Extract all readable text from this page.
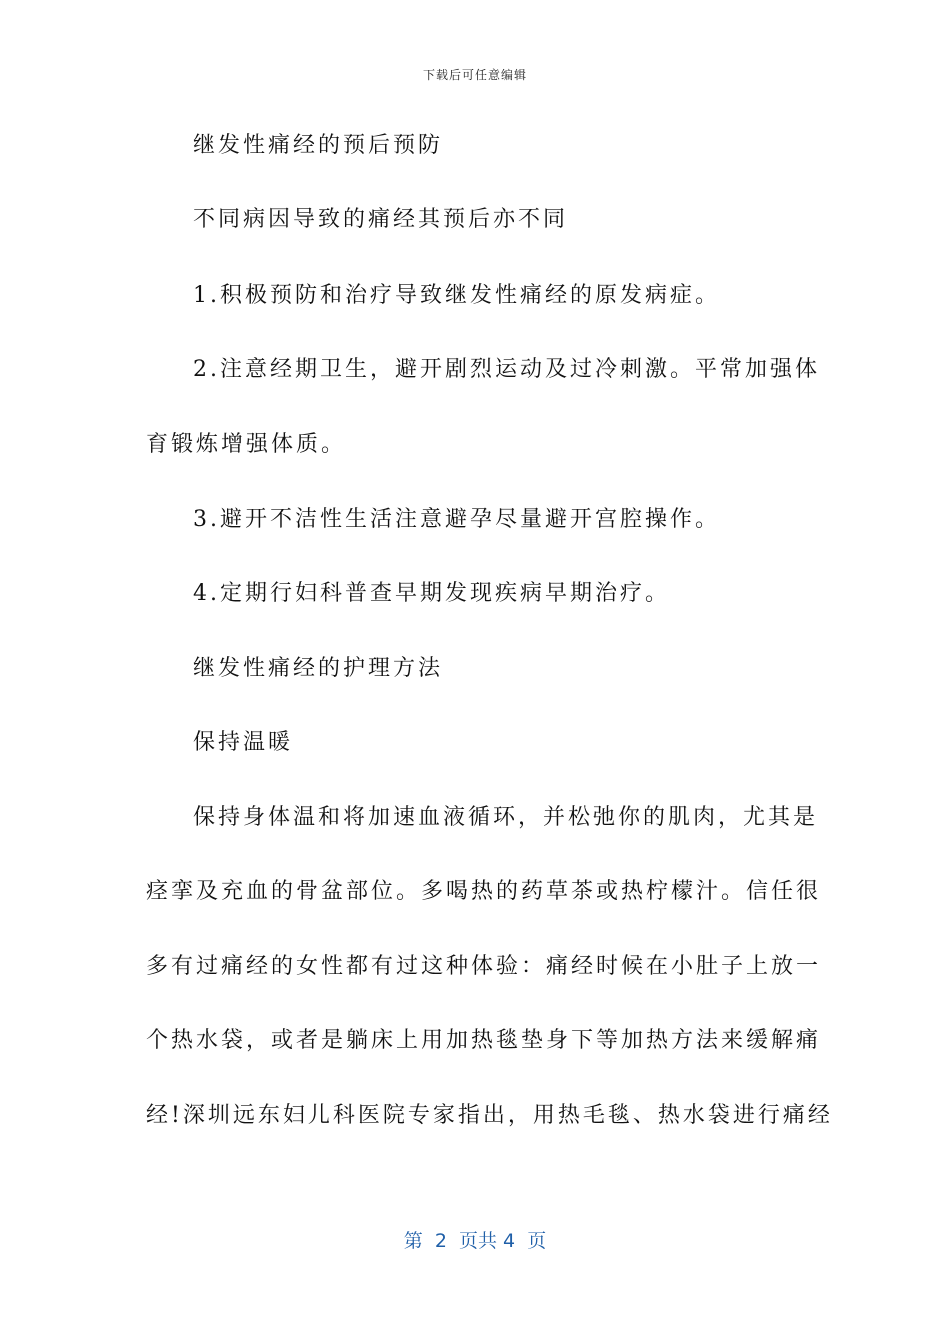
下载后可任意编辑
继发性痛经的预后预防
不同病因导致的痛经其预后亦不同
1.积极预防和治疗导致继发性痛经的原发病症。
2.注意经期卫生，避开剧烈运动及过冷刺激。平常加强体
育锻炼增强体质。
3.避开不洁性生活注意避孕尽量避开宫腔操作。
4.定期行妇科普查早期发现疾病早期治疗。
继发性痛经的护理方法
保持温暖
保持身体温和将加速血液循环，并松弛你的肌肉，尤其是
痉挛及充血的骨盆部位。多喝热的药草茶或热柠檬汁。信任很
多有过痛经的女性都有过这种体验：痛经时候在小肚子上放一
个热水袋，或者是躺床上用加热毯垫身下等加热方法来缓解痛
经!深圳远东妇儿科医院专家指出，用热毛毯、热水袋进行痛经
第  2  页共 4  页
